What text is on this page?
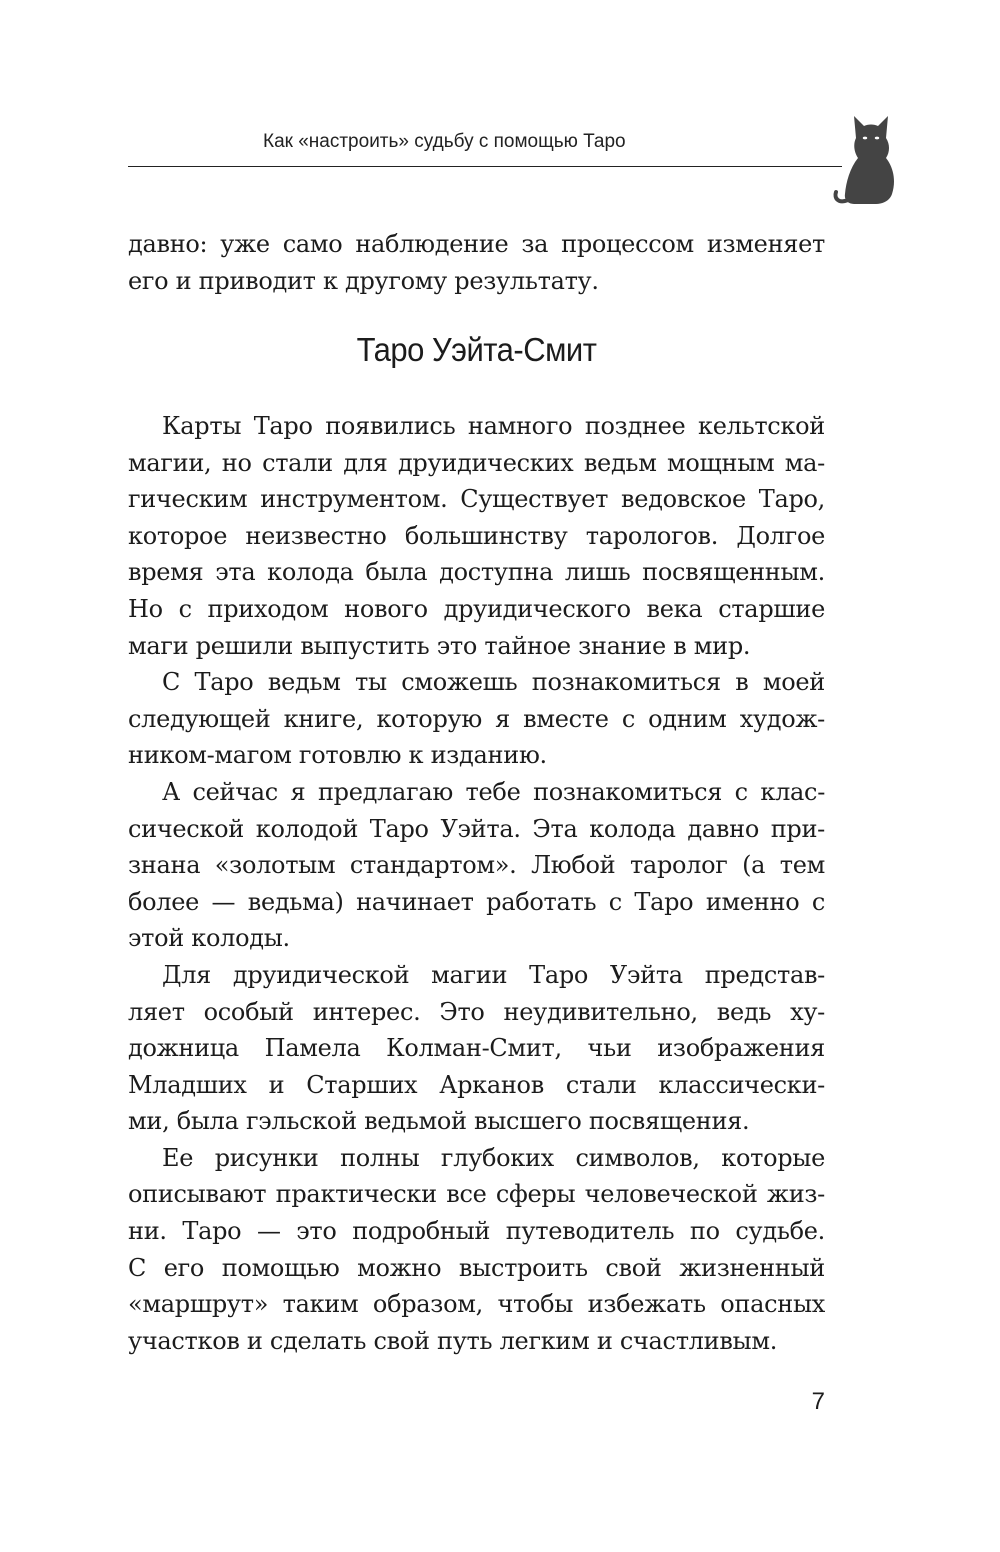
Как «настроить» судьбу с помощью Таро
давно: уже само наблюдение за процессом изменяет
его и приводит к другому результату.
Таро Уэйта-Смит
Карты Таро появились намного позднее кельтской
магии, но стали для друидических ведьм мощным ма-
гическим инструментом. Существует ведовское Таро,
которое неизвестно большинству тарологов. Долгое
время эта колода была доступна лишь посвященным.
Но с приходом нового друидического века старшие
маги решили выпустить это тайное знание в мир.
С Таро ведьм ты сможешь познакомиться в моей
следующей книге, которую я вместе с одним худож-
ником-магом готовлю к изданию.
А сейчас я предлагаю тебе познакомиться с клас-
сической колодой Таро Уэйта. Эта колода давно при-
знана «золотым стандартом». Любой таролог (а тем
более — ведьма) начинает работать с Таро именно с
этой колоды.
Для друидической магии Таро Уэйта представ-
ляет особый интерес. Это неудивительно, ведь ху-
дожница Памела Колман-Смит, чьи изображения
Младших и Старших Арканов стали классически-
ми, была гэльской ведьмой высшего посвящения.
Ее рисунки полны глубоких символов, которые
описывают практически все сферы человеческой жиз-
ни. Таро — это подробный путеводитель по судьбе.
С его помощью можно выстроить свой жизненный
«маршрут» таким образом, чтобы избежать опасных
участков и сделать свой путь легким и счастливым.
7
